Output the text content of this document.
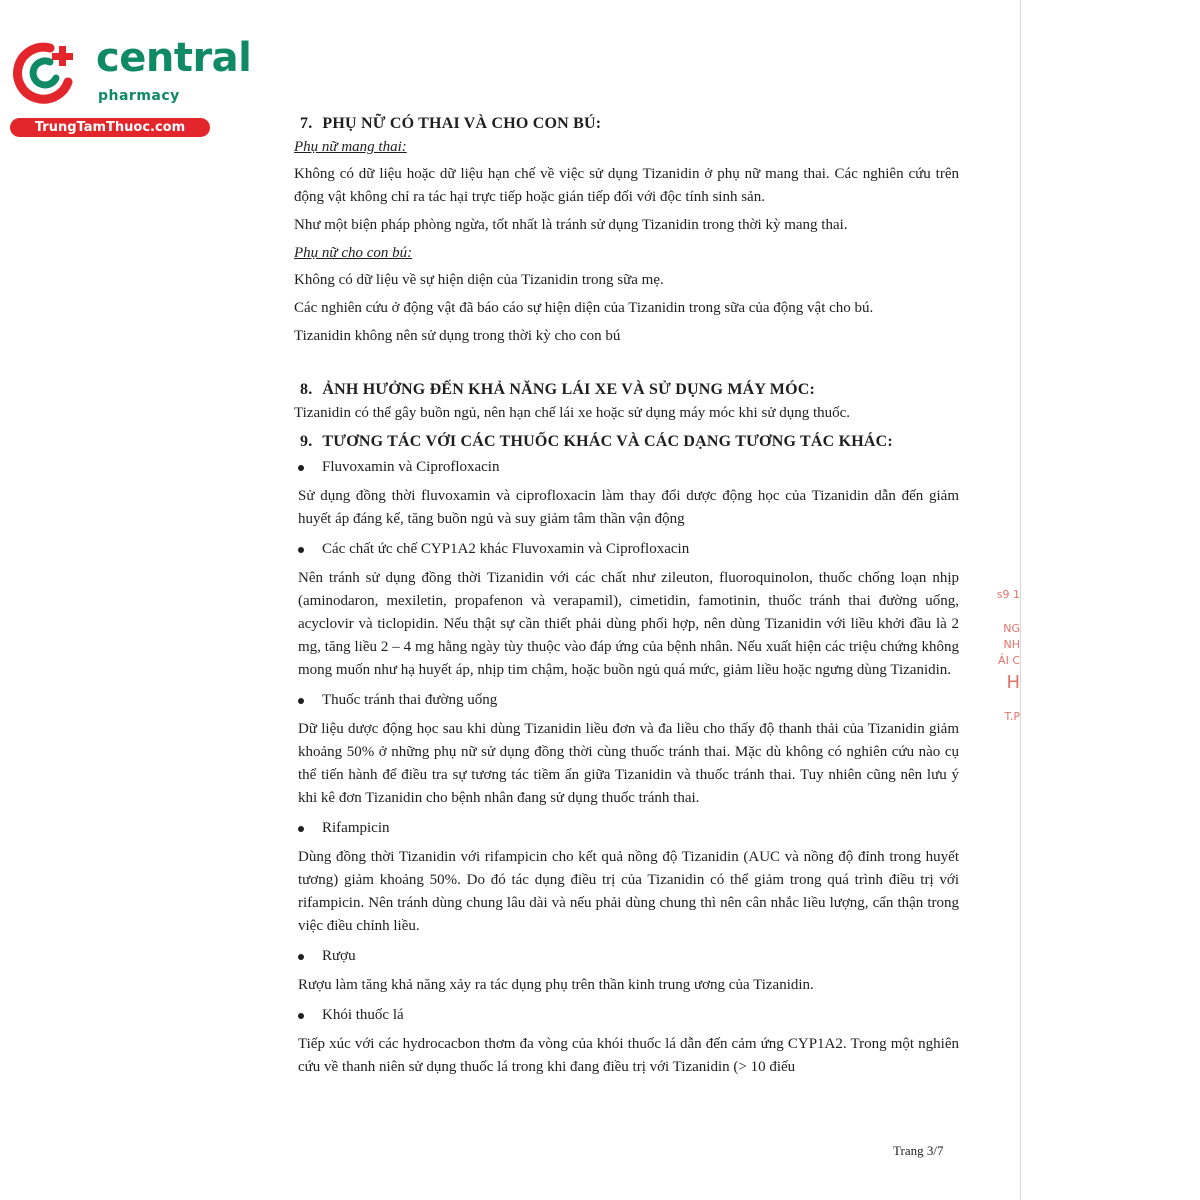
central
pharmacy
TrungTamThuoc.com
s9 1
NG
NH
ẢI C
H
T.P
7. PHỤ NỮ CÓ THAI VÀ CHO CON BÚ:
Phụ nữ mang thai:

Không có dữ liệu hoặc dữ liệu hạn chế về việc sử dụng Tizanidin ở phụ nữ mang thai. Các nghiên cứu trên động vật không chỉ ra tác hại trực tiếp hoặc gián tiếp đối với độc tính sinh sản.

Như một biện pháp phòng ngừa, tốt nhất là tránh sử dụng Tizanidin trong thời kỳ mang thai.

Phụ nữ cho con bú:

Không có dữ liệu về sự hiện diện của Tizanidin trong sữa mẹ.

Các nghiên cứu ở động vật đã báo cáo sự hiện diện của Tizanidin trong sữa của động vật cho bú.

Tizanidin không nên sử dụng trong thời kỳ cho con bú

8. ẢNH HƯỞNG ĐẾN KHẢ NĂNG LÁI XE VÀ SỬ DỤNG MÁY MÓC:

Tizanidin có thể gây buồn ngủ, nên hạn chế lái xe hoặc sử dụng máy móc khi sử dụng thuốc.

9. TƯƠNG TÁC VỚI CÁC THUỐC KHÁC VÀ CÁC DẠNG TƯƠNG TÁC KHÁC:
Fluvoxamin và Ciprofloxacin

Sử dụng đồng thời fluvoxamin và ciprofloxacin làm thay đổi dược động học của Tizanidin dẫn đến giảm huyết áp đáng kể, tăng buồn ngủ và suy giảm tâm thần vận động

Các chất ức chế CYP1A2 khác Fluvoxamin và Ciprofloxacin

Nên tránh sử dụng đồng thời Tizanidin với các chất như zileuton, fluoroquinolon, thuốc chống loạn nhịp (aminodaron, mexiletin, propafenon và verapamil), cimetidin, famotinin, thuốc tránh thai đường uống, acyclovir và ticlopidin. Nếu thật sự cần thiết phải dùng phối hợp, nên dùng Tizanidin với liều khởi đầu là 2 mg, tăng liều 2 – 4 mg hằng ngày tùy thuộc vào đáp ứng của bệnh nhân. Nếu xuất hiện các triệu chứng không mong muốn như hạ huyết áp, nhịp tim chậm, hoặc buồn ngủ quá mức, giảm liều hoặc ngưng dùng Tizanidin.

Thuốc tránh thai đường uống

Dữ liệu dược động học sau khi dùng Tizanidin liều đơn và đa liều cho thấy độ thanh thải của Tizanidin giảm khoảng 50% ở những phụ nữ sử dụng đồng thời cùng thuốc tránh thai. Mặc dù không có nghiên cứu nào cụ thể tiến hành để điều tra sự tương tác tiềm ẩn giữa Tizanidin và thuốc tránh thai. Tuy nhiên cũng nên lưu ý khi kê đơn Tizanidin cho bệnh nhân đang sử dụng thuốc tránh thai.

Rifampicin

Dùng đồng thời Tizanidin với rifampicin cho kết quả nồng độ Tizanidin (AUC và nồng độ đỉnh trong huyết tương) giảm khoảng 50%. Do đó tác dụng điều trị của Tizanidin có thể giảm trong quá trình điều trị với rifampicin. Nên tránh dùng chung lâu dài và nếu phải dùng chung thì nên cân nhắc liều lượng, cẩn thận trong việc điều chỉnh liều.

Rượu

Rượu làm tăng khả năng xảy ra tác dụng phụ trên thần kinh trung ương của Tizanidin.

Khói thuốc lá

Tiếp xúc với các hydrocacbon thơm đa vòng của khói thuốc lá dẫn đến cảm ứng CYP1A2. Trong một nghiên cứu về thanh niên sử dụng thuốc lá trong khi đang điều trị với Tizanidin (> 10 điếu

Trang 3/7
